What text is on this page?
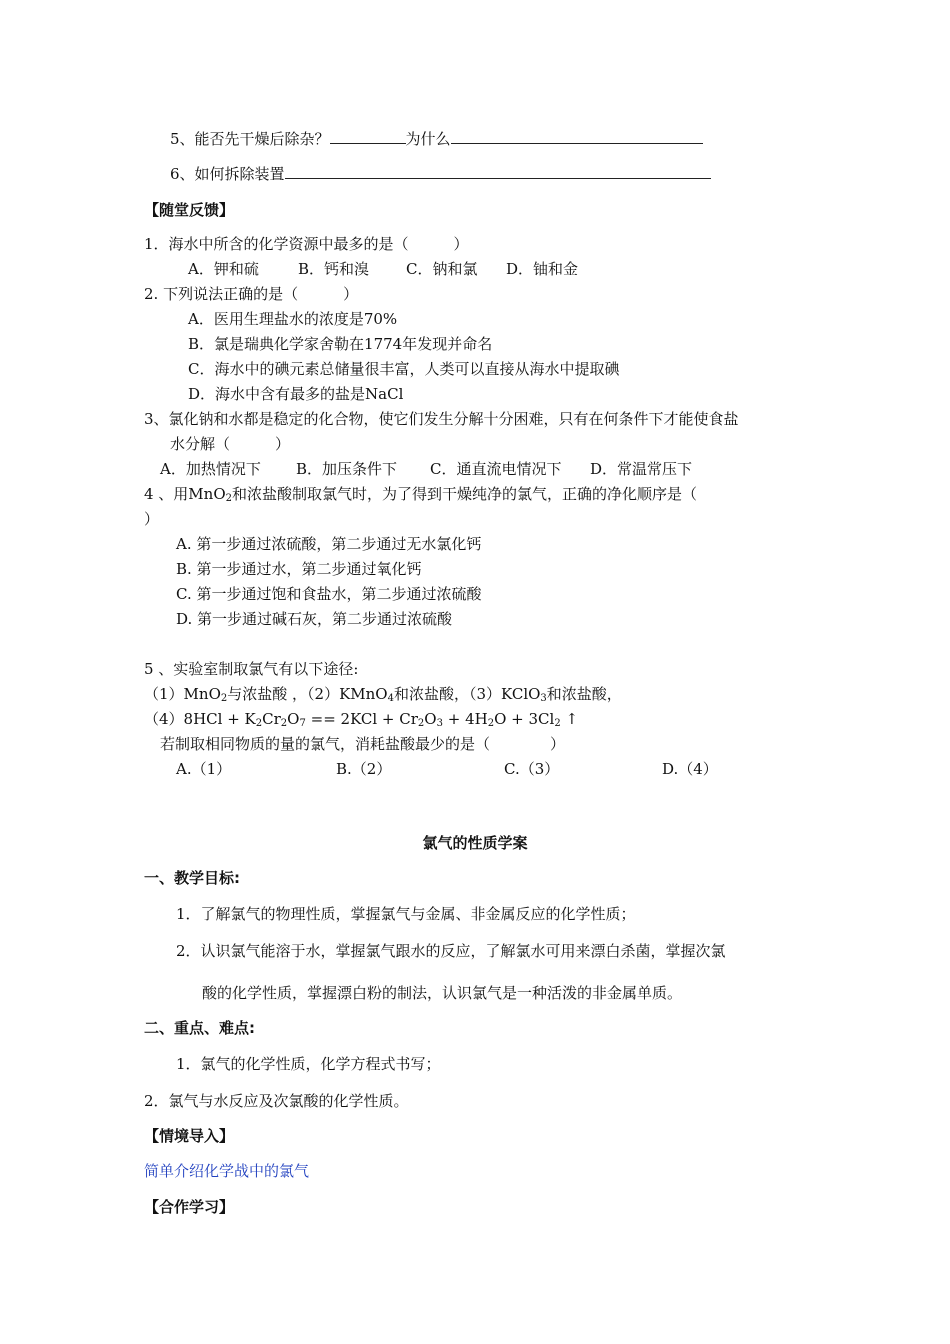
5、能否先干燥后除杂？	为什么
6、如何拆除装置
【随堂反馈】
1．海水中所含的化学资源中最多的是（　　　）
A．钾和硫	B．钙和溴 C．钠和氯 D．铀和金
2. 下列说法正确的是（　　　）
A．医用生理盐水的浓度是70%
B．氯是瑞典化学家舍勒在1774年发现并命名
C．海水中的碘元素总储量很丰富，人类可以直接从海水中提取碘
D．海水中含有最多的盐是NaCl
3、氯化钠和水都是稳定的化合物，使它们发生分解十分困难，只有在何条件下才能使食盐
水分解（　　　）
A．加热情况下 B．加压条件下 C．通直流电情况下 D．常温常压下
4 、用MnO$_2$和浓盐酸制取氯气时，为了得到干燥纯净的氯气，正确的净化顺序是（
）
A. 第一步通过浓硫酸，第二步通过无水氯化钙
B. 第一步通过水，第二步通过氧化钙
C. 第一步通过饱和食盐水，第二步通过浓硫酸
D. 第一步通过碱石灰，第二步通过浓硫酸
5 、实验室制取氯气有以下途径:
（1）MnO$_2$与浓盐酸 ，（2）KMnO$_4$和浓盐酸，（3）KClO$_3$和浓盐酸，
$(4)8HCl + K_2Cr_2O_7 == 2KCl + Cr_2O_3 + 4H_2O + 3Cl_2$ ↑
若制取相同物质的量的氯气，消耗盐酸最少的是（　　　　）
A.（1）	B.（2）	C.（3）	D.（4）
氯气的性质学案
一、教学目标:
1．了解氯气的物理性质，掌握氯气与金属、非金属反应的化学性质；
2．认识氯气能溶于水，掌握氯气跟水的反应，了解氯水可用来漂白杀菌，掌握次氯
酸的化学性质，掌握漂白粉的制法，认识氯气是一种活泼的非金属单质。
二、重点、难点:
1．氯气的化学性质，化学方程式书写；
2．氯气与水反应及次氯酸的化学性质。
【情境导入】
简单介绍化学战中的氯气
【合作学习】
